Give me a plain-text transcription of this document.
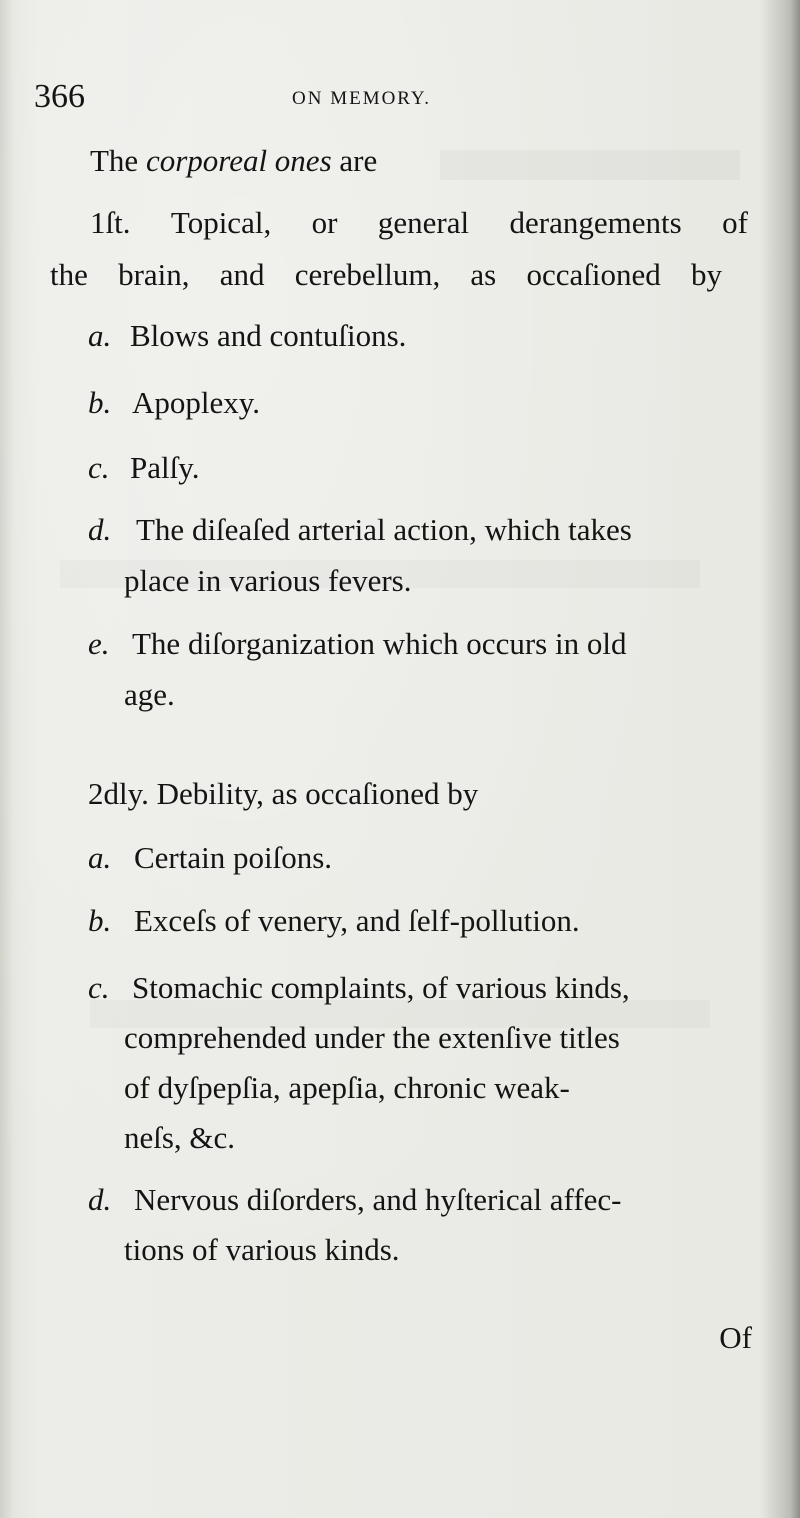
366	ON MEMORY.
The corporeal ones are
1ſt. Topical, or general derangements of
the brain, and cerebellum, as occaſioned by
a. Blows and contuſions.
b. Apoplexy.
c. Palſy.
d. The diſeaſed arterial action, which takes
place in various fevers.
e. The diſorganization which occurs in old
age.
2dly. Debility, as occaſioned by
a. Certain poiſons.
b. Exceſs of venery, and ſelf-pollution.
c. Stomachic complaints, of various kinds,
comprehended under the extenſive titles
of dyſpepſia, apepſia, chronic weak-
neſs, &c.
d. Nervous diſorders, and hyſterical affec-
tions of various kinds.
Of
